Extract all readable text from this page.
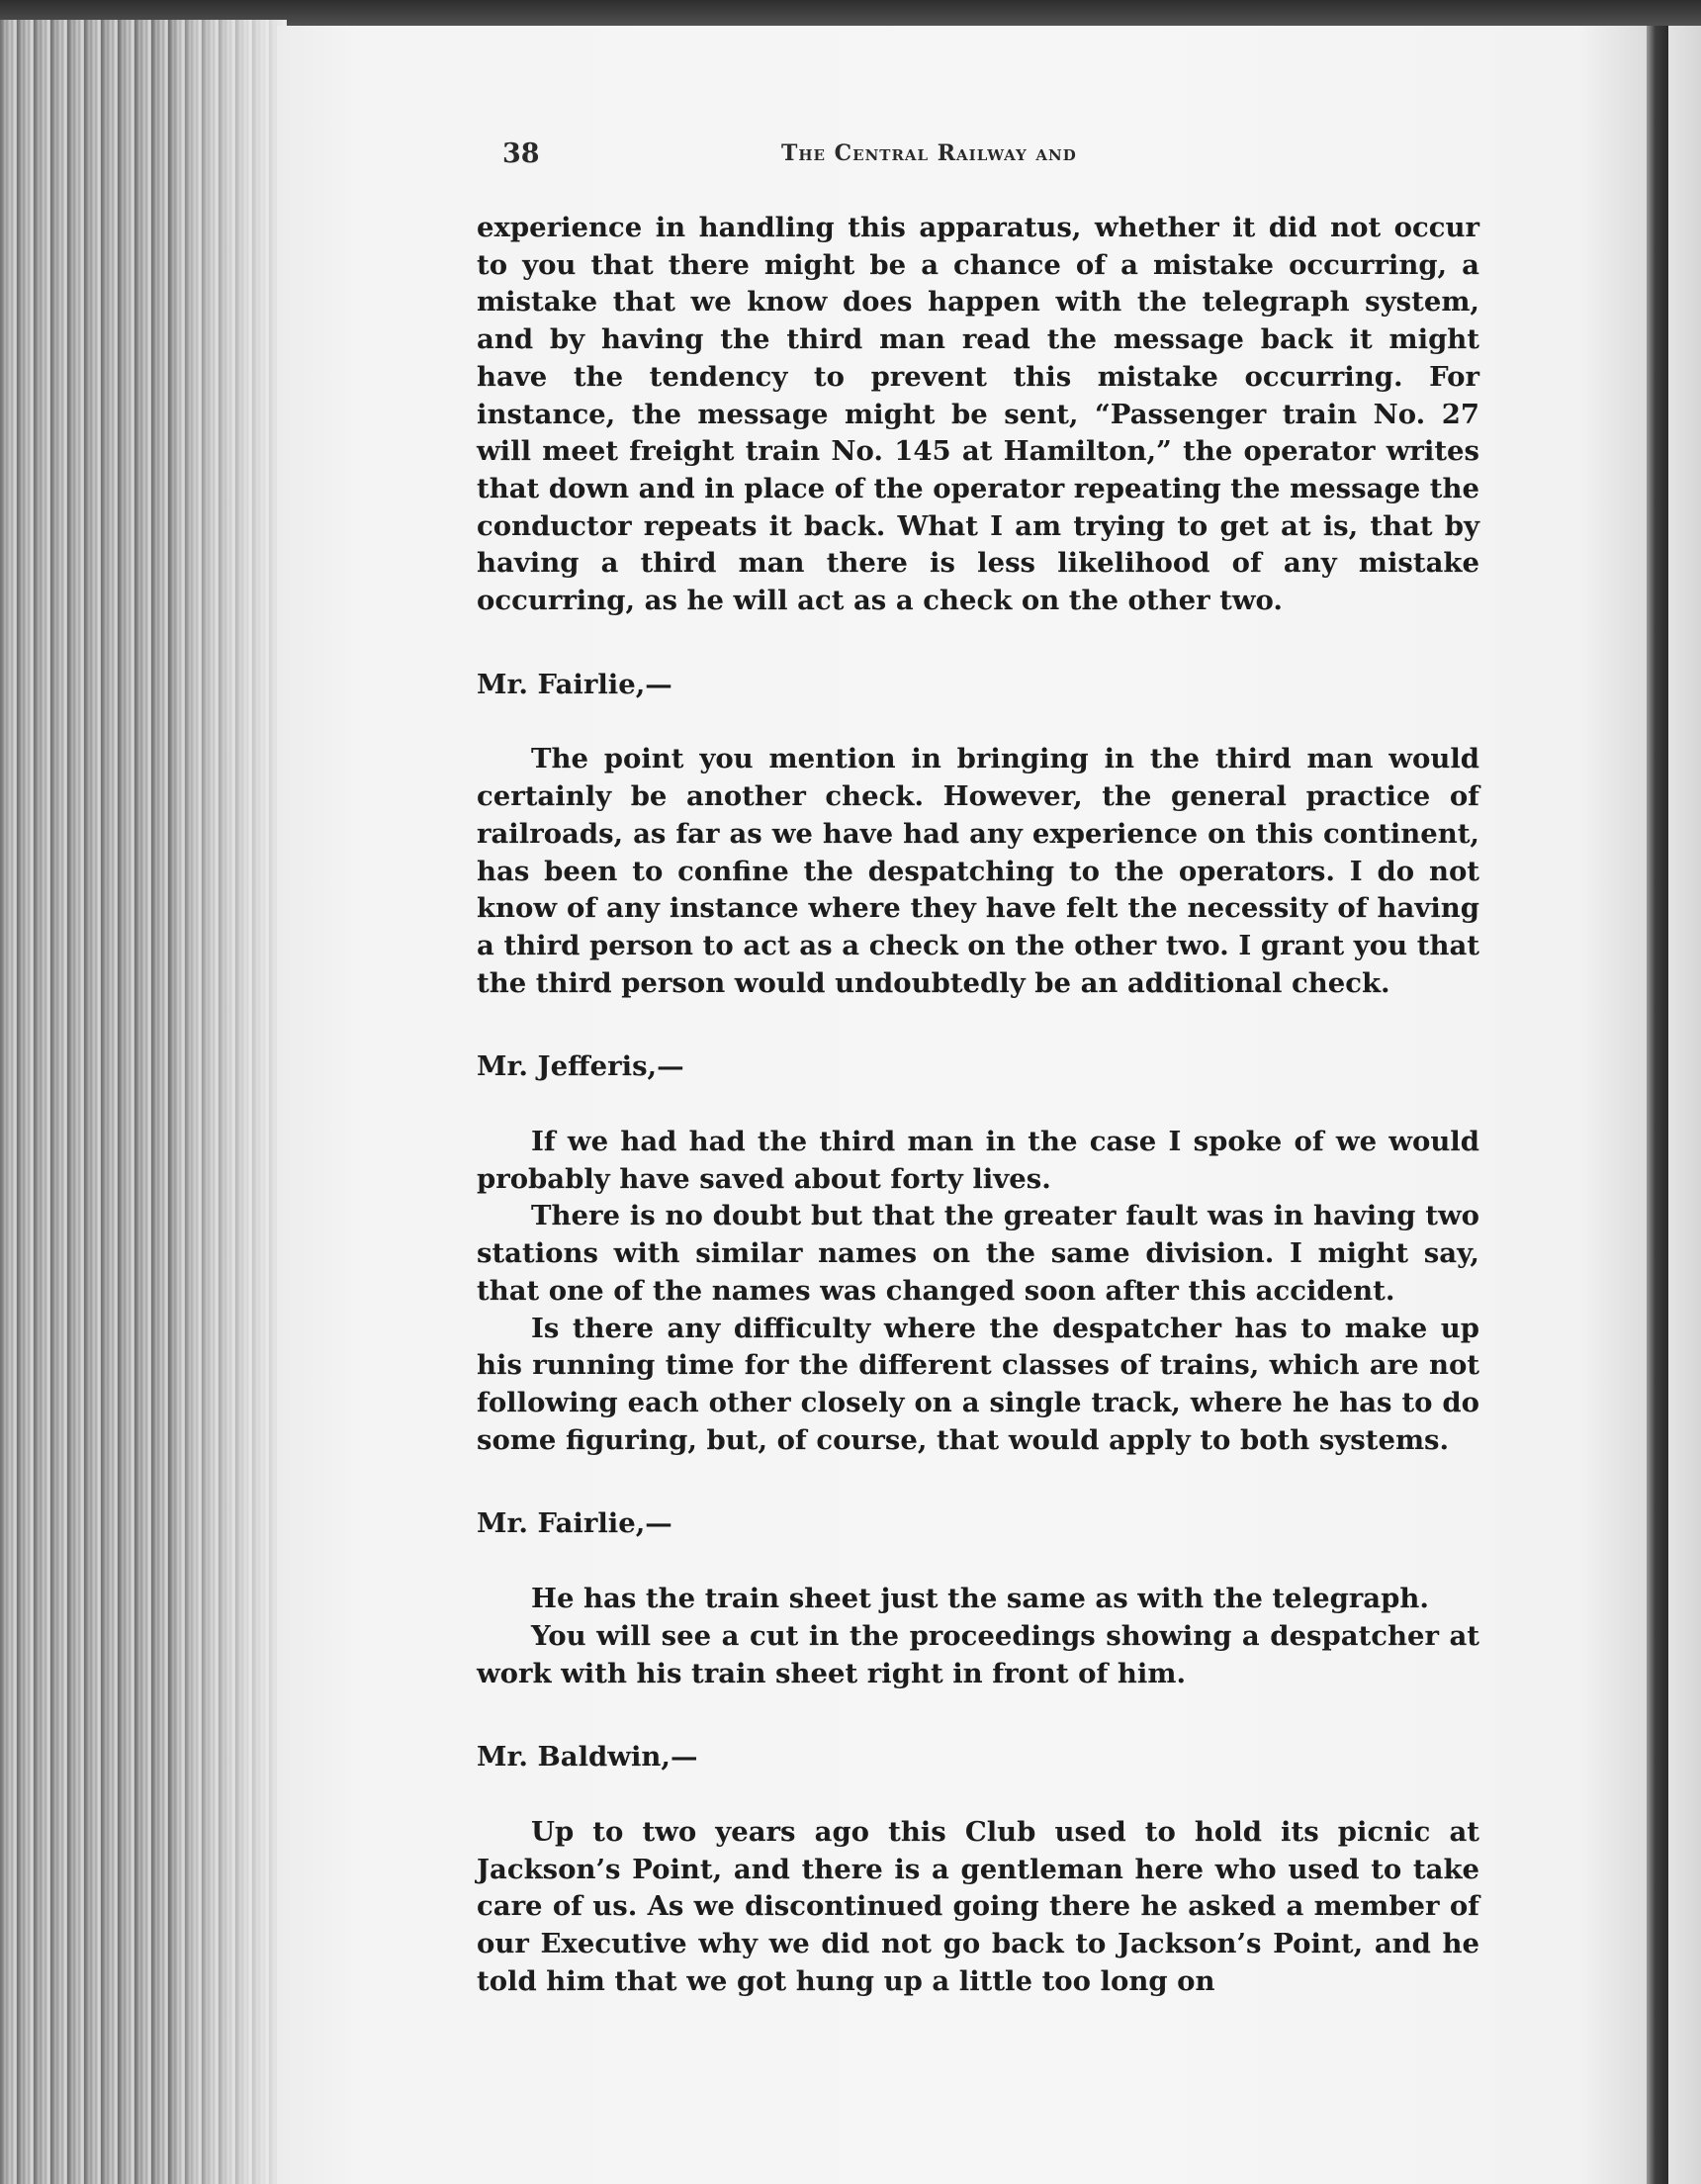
38	The Central Railway and

experience in handling this apparatus, whether it did not occur to you that there might be a chance of a mistake occurring, a mistake that we know does happen with the telegraph system, and by having the third man read the message back it might have the tendency to prevent this mistake occurring. For instance, the message might be sent, “Passenger train No. 27 will meet freight train No. 145 at Hamilton,” the operator writes that down and in place of the operator repeating the message the conductor repeats it back. What I am trying to get at is, that by having a third man there is less likelihood of any mistake occurring, as he will act as a check on the other two.

Mr. Fairlie,—

The point you mention in bringing in the third man would certainly be another check. However, the general practice of railroads, as far as we have had any experience on this continent, has been to confine the despatching to the operators. I do not know of any instance where they have felt the necessity of having a third person to act as a check on the other two. I grant you that the third person would undoubtedly be an additional check.

Mr. Jefferis,—

If we had had the third man in the case I spoke of we would probably have saved about forty lives.

There is no doubt but that the greater fault was in having two stations with similar names on the same division. I might say, that one of the names was changed soon after this accident.

Is there any difficulty where the despatcher has to make up his running time for the different classes of trains, which are not following each other closely on a single track, where he has to do some figuring, but, of course, that would apply to both systems.

Mr. Fairlie,—

He has the train sheet just the same as with the telegraph.

You will see a cut in the proceedings showing a despatcher at work with his train sheet right in front of him.

Mr. Baldwin,—

Up to two years ago this Club used to hold its picnic at Jackson’s Point, and there is a gentleman here who used to take care of us. As we discontinued going there he asked a member of our Executive why we did not go back to Jackson’s Point, and he told him that we got hung up a little too long on
